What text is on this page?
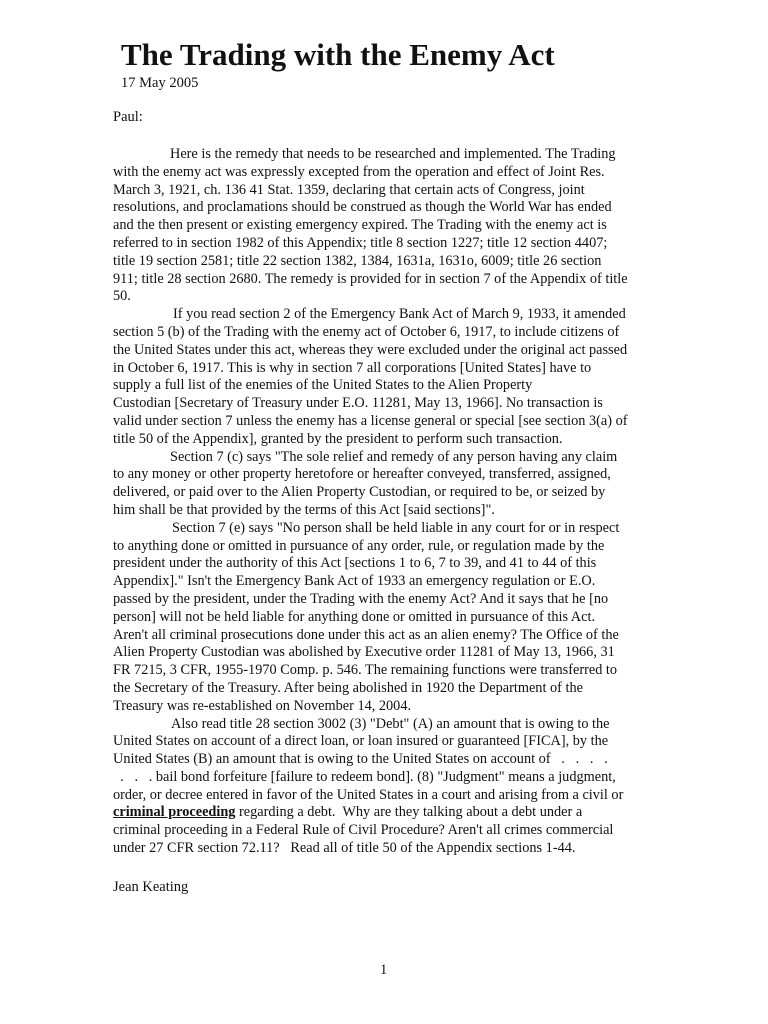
The Trading with the Enemy Act
17 May 2005
Paul:
Here is the remedy that needs to be researched and implemented. The Trading
with the enemy act was expressly excepted from the operation and effect of Joint Res.
March 3, 1921, ch. 136 41 Stat. 1359, declaring that certain acts of Congress, joint
resolutions, and proclamations should be construed as though the World War has ended
and the then present or existing emergency expired. The Trading with the enemy act is
referred to in section 1982 of this Appendix; title 8 section 1227; title 12 section 4407;
title 19 section 2581; title 22 section 1382, 1384, 1631a, 1631o, 6009; title 26 section
911; title 28 section 2680. The remedy is provided for in section 7 of the Appendix of title
50.
If you read section 2 of the Emergency Bank Act of March 9, 1933, it amended
section 5 (b) of the Trading with the enemy act of October 6, 1917, to include citizens of
the United States under this act, whereas they were excluded under the original act passed
in October 6, 1917. This is why in section 7 all corporations [United States] have to
supply a full list of the enemies of the United States to the Alien Property
Custodian [Secretary of Treasury under E.O. 11281, May 13, 1966]. No transaction is
valid under section 7 unless the enemy has a license general or special [see section 3(a) of
title 50 of the Appendix], granted by the president to perform such transaction.
Section 7 (c) says "The sole relief and remedy of any person having any claim
to any money or other property heretofore or hereafter conveyed, transferred, assigned,
delivered, or paid over to the Alien Property Custodian, or required to be, or seized by
him shall be that provided by the terms of this Act [said sections]".
Section 7 (e) says "No person shall be held liable in any court for or in respect
to anything done or omitted in pursuance of any order, rule, or regulation made by the
president under the authority of this Act [sections 1 to 6, 7 to 39, and 41 to 44 of this
Appendix]." Isn't the Emergency Bank Act of 1933 an emergency regulation or E.O.
passed by the president, under the Trading with the enemy Act? And it says that he [no
person] will not be held liable for anything done or omitted in pursuance of this Act.
Aren't all criminal prosecutions done under this act as an alien enemy? The Office of the
Alien Property Custodian was abolished by Executive order 11281 of May 13, 1966, 31
FR 7215, 3 CFR, 1955-1970 Comp. p. 546. The remaining functions were transferred to
the Secretary of the Treasury. After being abolished in 1920 the Department of the
Treasury was re-established on November 14, 2004.
Also read title 28 section 3002 (3) "Debt" (A) an amount that is owing to the
United States on account of a direct loan, or loan insured or guaranteed [FICA], by the
United States (B) an amount that is owing to the United States on account of   .   .   .   .
.   .   . bail bond forfeiture [failure to redeem bond]. (8) "Judgment" means a judgment,
order, or decree entered in favor of the United States in a court and arising from a civil or
criminal proceeding regarding a debt.  Why are they talking about a debt under a
criminal proceeding in a Federal Rule of Civil Procedure? Aren't all crimes commercial
under 27 CFR section 72.11?   Read all of title 50 of the Appendix sections 1-44.
Jean Keating
1
